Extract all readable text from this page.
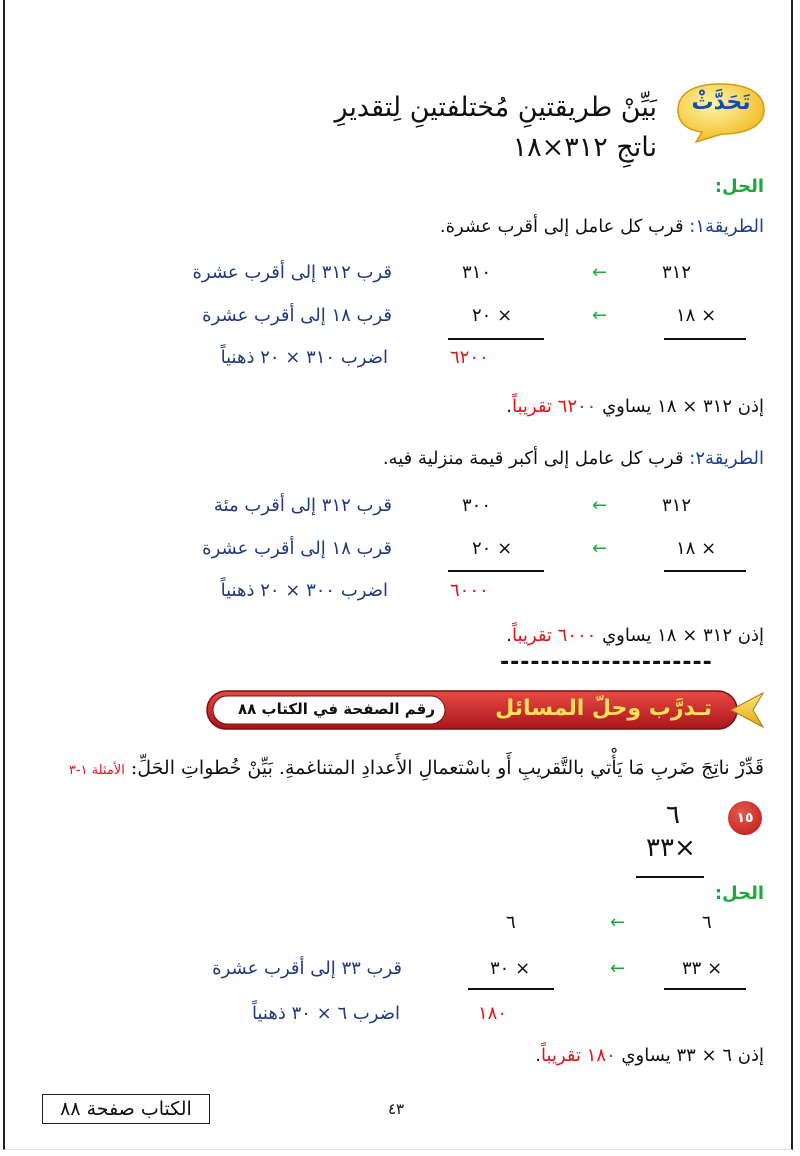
تَحَدَّثْ
بَيِّنْ طريقتينِ مُختلفتينِ لِتقديرِ
ناتجِ ٣١٢×١٨
الحل:
الطريقة١: قرب كل عامل إلى أقرب عشرة.
٣١٢
←
٣١٠
قرب ٣١٢ إلى أقرب عشرة
١٨ ×
←
٢٠ ×
قرب ١٨ إلى أقرب عشرة
٦٢٠٠
اضرب ٣١٠ × ٢٠ ذهنياً
إذن ٣١٢ × ١٨ يساوي ٦٢٠٠ تقريباً.
الطريقة٢: قرب كل عامل إلى أكبر قيمة منزلية فيه.
٣١٢
←
٣٠٠
قرب ٣١٢ إلى أقرب مئة
١٨ ×
←
٢٠ ×
قرب ١٨ إلى أقرب عشرة
٦٠٠٠
اضرب ٣٠٠ × ٢٠ ذهنياً
إذن ٣١٢ × ١٨ يساوي ٦٠٠٠ تقريباً.
---------------------
تـدرَّب وحلّ المسائل
رقم الصفحة في الكتاب ٨٨
قَدِّرْ ناتِجَ ضَربِ مَا يَأْتي بالتَّقريبِ أَو باسْتعمالِ الأَعدادِ المتناغمةِ. بَيِّنْ خُطواتِ الحَلِّ: الأمثلة ١-٣
١٥
٦
٣٣×
الحل:
٦
←
٦
٣٣ ×
←
٣٠ ×
قرب ٣٣ إلى أقرب عشرة
١٨٠
اضرب ٦ × ٣٠ ذهنياً
إذن ٦ × ٣٣ يساوي ١٨٠ تقريباً.
٤٣
الكتاب صفحة ٨٨
